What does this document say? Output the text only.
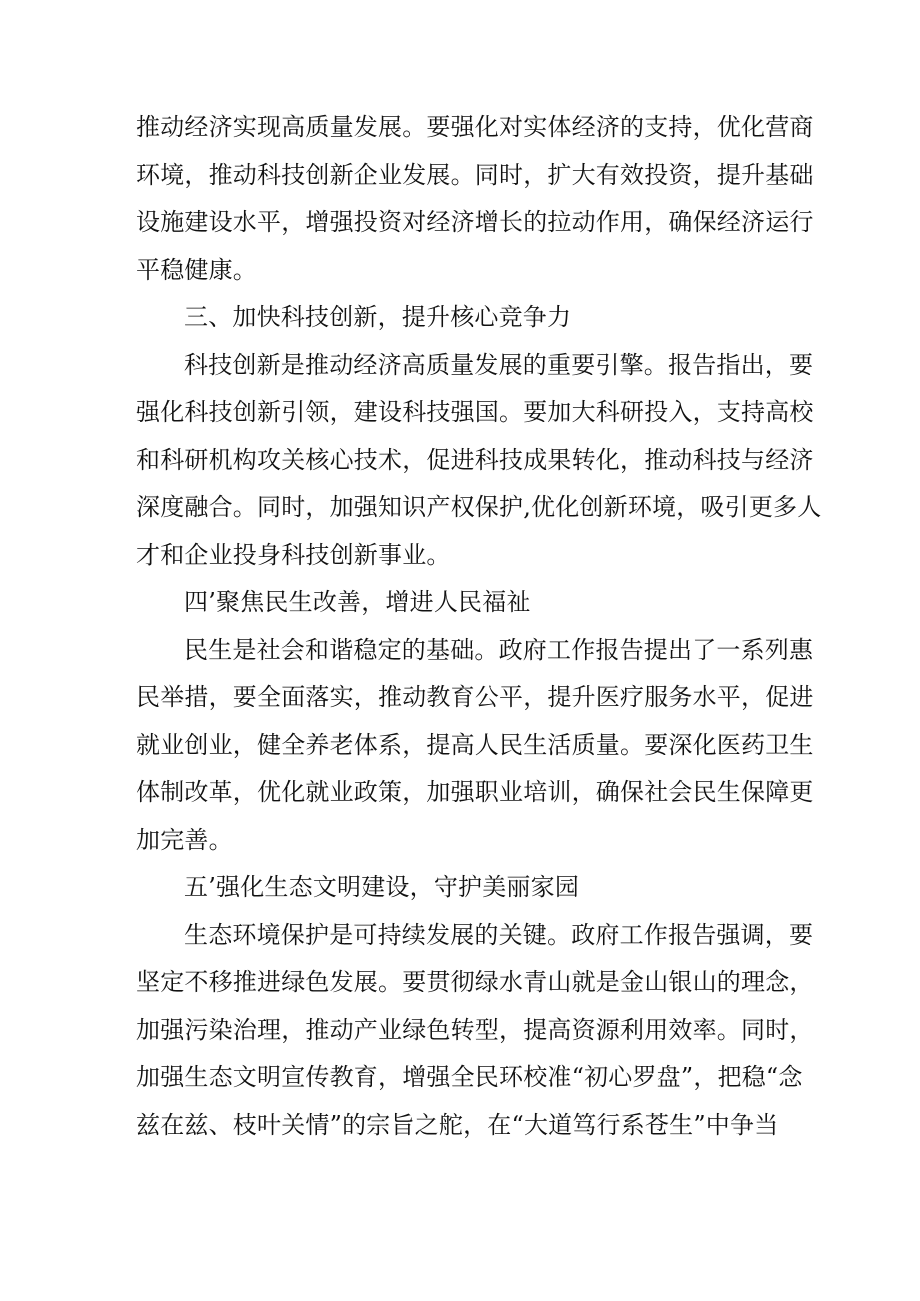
推动经济实现高质量发展。要强化对实体经济的支持，优化营商
环境，推动科技创新企业发展。同时，扩大有效投资，提升基础
设施建设水平，增强投资对经济增长的拉动作用，确保经济运行
平稳健康。
三、加快科技创新，提升核心竞争力
科技创新是推动经济高质量发展的重要引擎。报告指出，要
强化科技创新引领，建设科技强国。要加大科研投入，支持高校
和科研机构攻关核心技术，促进科技成果转化，推动科技与经济
深度融合。同时，加强知识产权保护,优化创新环境，吸引更多人
才和企业投身科技创新事业。
四’聚焦民生改善，增进人民福祉
民生是社会和谐稳定的基础。政府工作报告提出了一系列惠
民举措，要全面落实，推动教育公平，提升医疗服务水平，促进
就业创业，健全养老体系，提高人民生活质量。要深化医药卫生
体制改革，优化就业政策，加强职业培训，确保社会民生保障更
加完善。
五’强化生态文明建设，守护美丽家园
生态环境保护是可持续发展的关键。政府工作报告强调，要
坚定不移推进绿色发展。要贯彻绿水青山就是金山银山的理念，
加强污染治理，推动产业绿色转型，提高资源利用效率。同时，
加强生态文明宣传教育，增强全民环校准“初心罗盘”，把稳“念
兹在兹、枝叶关情”的宗旨之舵，在“大道笃行系苍生”中争当
